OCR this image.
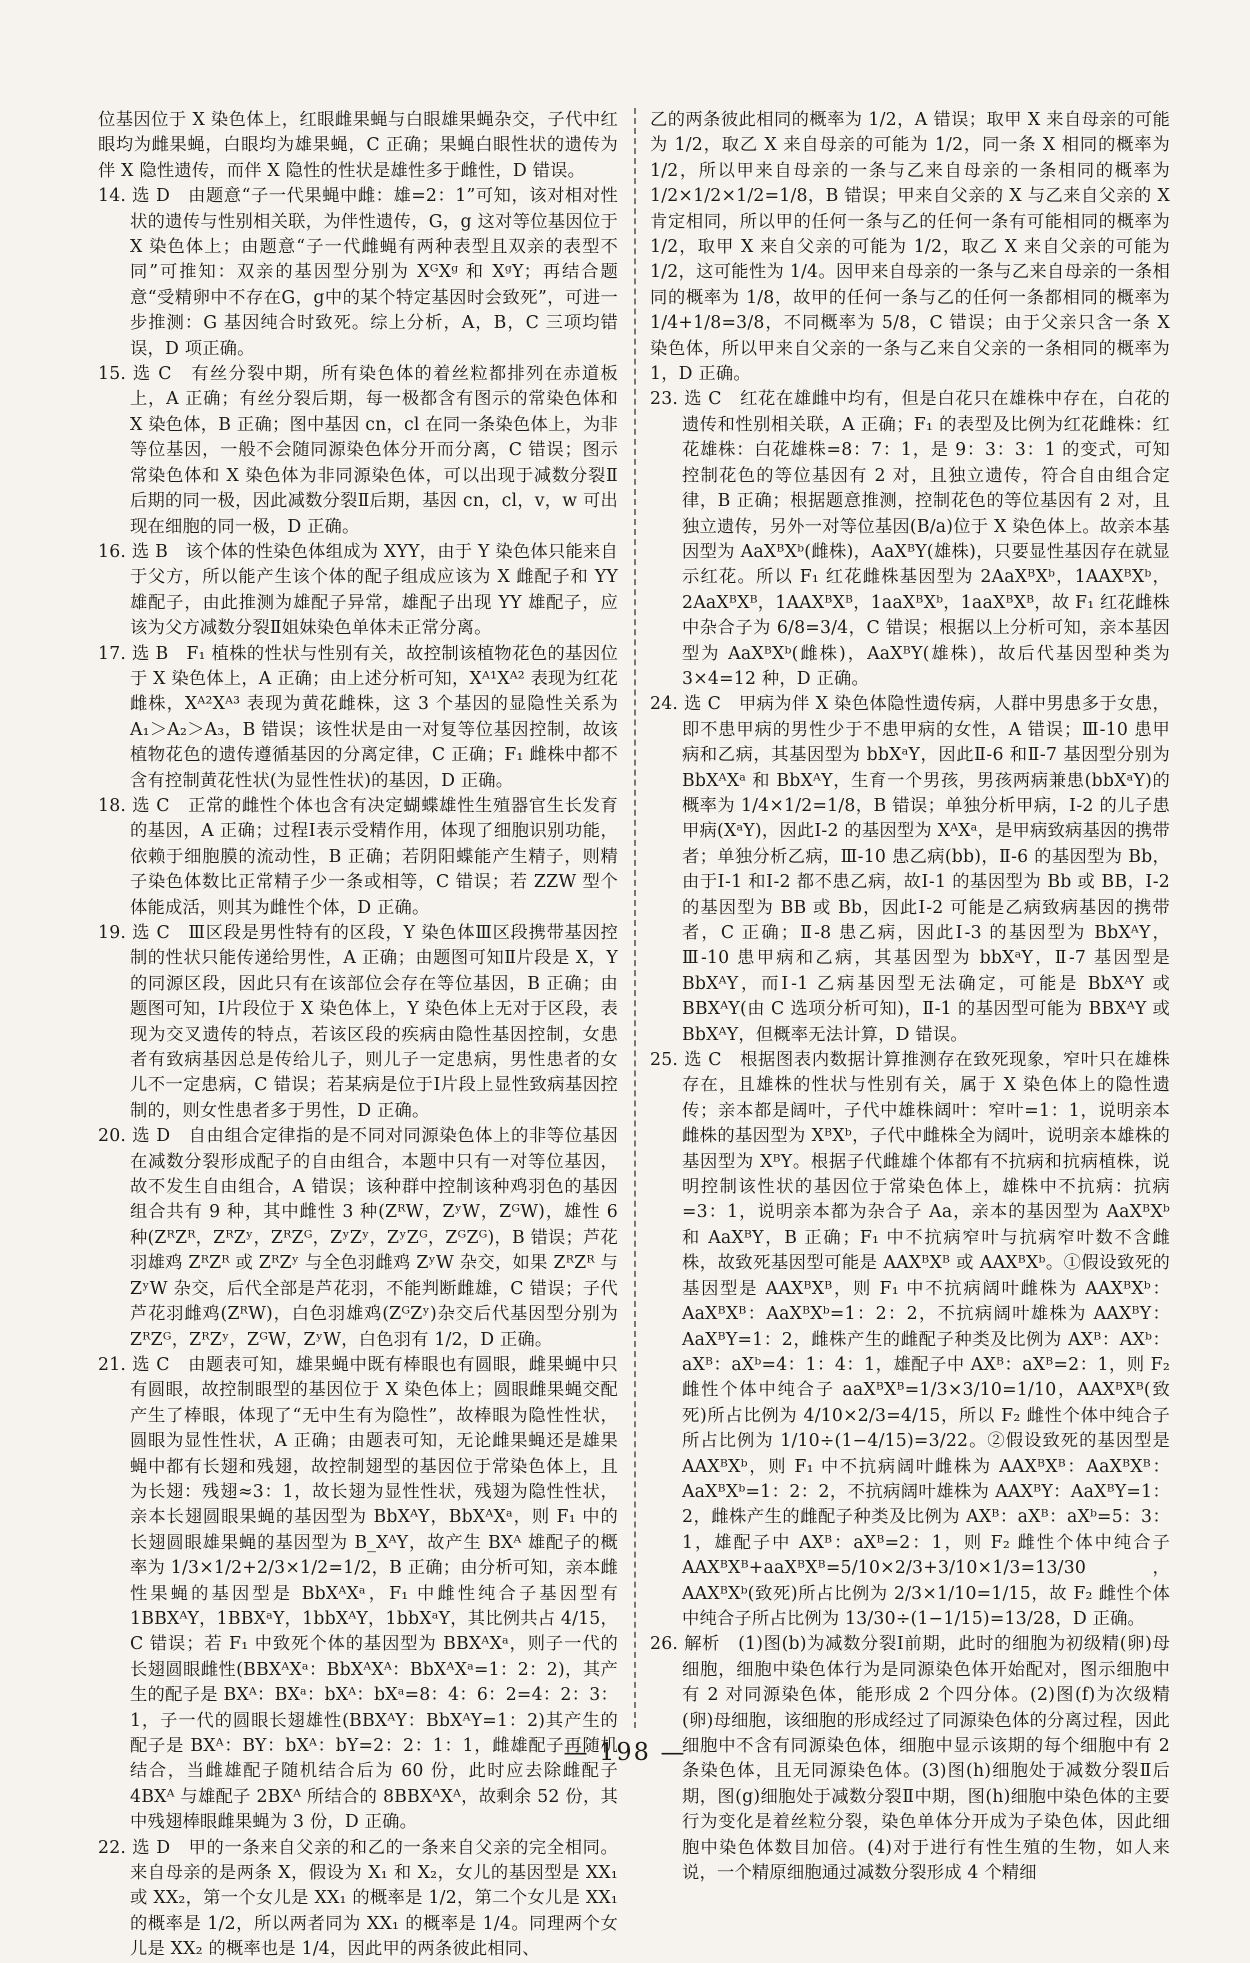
位基因位于 X 染色体上，红眼雌果蝇与白眼雄果蝇杂交，子代中红眼均为雌果蝇，白眼均为雄果蝇，C 正确；果蝇白眼性状的遗传为伴 X 隐性遗传，而伴 X 隐性的性状是雄性多于雌性，D 错误。

14. 选 D　由题意“子一代果蝇中雌：雄=2：1”可知，该对相对性状的遗传与性别相关联，为伴性遗传，G，g 这对等位基因位于 X 染色体上；由题意“子一代雌蝇有两种表型且双亲的表型不同”可推知：双亲的基因型分别为 XᴳXᵍ 和 XᵍY；再结合题意“受精卵中不存在G，g中的某个特定基因时会致死”，可进一步推测：G 基因纯合时致死。综上分析，A，B，C 三项均错误，D 项正确。

15. 选 C　有丝分裂中期，所有染色体的着丝粒都排列在赤道板上，A 正确；有丝分裂后期，每一极都含有图示的常染色体和 X 染色体，B 正确；图中基因 cn，cl 在同一条染色体上，为非等位基因，一般不会随同源染色体分开而分离，C 错误；图示常染色体和 X 染色体为非同源染色体，可以出现于减数分裂Ⅱ后期的同一极，因此减数分裂Ⅱ后期，基因 cn，cl，v，w 可出现在细胞的同一极，D 正确。

16. 选 B　该个体的性染色体组成为 XYY，由于 Y 染色体只能来自于父方，所以能产生该个体的配子组成应该为 X 雌配子和 YY 雄配子，由此推测为雄配子异常，雄配子出现 YY 雄配子，应该为父方减数分裂Ⅱ姐妹染色单体未正常分离。

17. 选 B　F₁ 植株的性状与性别有关，故控制该植物花色的基因位于 X 染色体上，A 正确；由上述分析可知，Xᴬ¹Xᴬ² 表现为红花雌株，Xᴬ²Xᴬ³ 表现为黄花雌株，这 3 个基因的显隐性关系为 A₁＞A₂＞A₃，B 错误；该性状是由一对复等位基因控制，故该植物花色的遗传遵循基因的分离定律，C 正确；F₁ 雌株中都不含有控制黄花性状(为显性性状)的基因，D 正确。

18. 选 C　正常的雌性个体也含有决定蝴蝶雄性生殖器官生长发育的基因，A 正确；过程Ⅰ表示受精作用，体现了细胞识别功能，依赖于细胞膜的流动性，B 正确；若阴阳蝶能产生精子，则精子染色体数比正常精子少一条或相等，C 错误；若 ZZW 型个体能成活，则其为雌性个体，D 正确。

19. 选 C　Ⅲ区段是男性特有的区段，Y 染色体Ⅲ区段携带基因控制的性状只能传递给男性，A 正确；由题图可知Ⅱ片段是 X，Y 的同源区段，因此只有在该部位会存在等位基因，B 正确；由题图可知，Ⅰ片段位于 X 染色体上，Y 染色体上无对于区段，表现为交叉遗传的特点，若该区段的疾病由隐性基因控制，女患者有致病基因总是传给儿子，则儿子一定患病，男性患者的女儿不一定患病，C 错误；若某病是位于Ⅰ片段上显性致病基因控制的，则女性患者多于男性，D 正确。

20. 选 D　自由组合定律指的是不同对同源染色体上的非等位基因在减数分裂形成配子的自由组合，本题中只有一对等位基因，故不发生自由组合，A 错误；该种群中控制该种鸡羽色的基因组合共有 9 种，其中雌性 3 种(ZᴿW，ZʸW，ZᴳW)，雄性 6 种(ZᴿZᴿ，ZᴿZʸ，ZᴿZᴳ，ZʸZʸ，ZʸZᴳ，ZᴳZᴳ)，B 错误；芦花羽雄鸡 ZᴿZᴿ 或 ZᴿZʸ 与全色羽雌鸡 ZʸW 杂交，如果 ZᴿZᴿ 与 ZʸW 杂交，后代全部是芦花羽，不能判断雌雄，C 错误；子代芦花羽雌鸡(ZᴿW)，白色羽雄鸡(ZᴳZʸ)杂交后代基因型分别为 ZᴿZᴳ，ZᴿZʸ，ZᴳW，ZʸW，白色羽有 1/2，D 正确。

21. 选 C　由题表可知，雄果蝇中既有棒眼也有圆眼，雌果蝇中只有圆眼，故控制眼型的基因位于 X 染色体上；圆眼雌果蝇交配产生了棒眼，体现了“无中生有为隐性”，故棒眼为隐性性状，圆眼为显性性状，A 正确；由题表可知，无论雌果蝇还是雄果蝇中都有长翅和残翅，故控制翅型的基因位于常染色体上，且为长翅：残翅≈3：1，故长翅为显性性状，残翅为隐性性状，亲本长翅圆眼果蝇的基因型为 BbXᴬY，BbXᴬXᵃ，则 F₁ 中的长翅圆眼雄果蝇的基因型为 B_XᴬY，故产生 BXᴬ 雄配子的概率为 1/3×1/2+2/3×1/2=1/2，B 正确；由分析可知，亲本雌性果蝇的基因型是 BbXᴬXᵃ，F₁ 中雌性纯合子基因型有 1BBXᴬY，1BBXᵃY，1bbXᴬY，1bbXᵃY，其比例共占 4/15，C 错误；若 F₁ 中致死个体的基因型为 BBXᴬXᵃ，则子一代的长翅圆眼雌性(BBXᴬXᵃ：BbXᴬXᴬ：BbXᴬXᵃ=1：2：2)，其产生的配子是 BXᴬ：BXᵃ：bXᴬ：bXᵃ=8：4：6：2=4：2：3：1，子一代的圆眼长翅雄性(BBXᴬY：BbXᴬY=1：2)其产生的配子是 BXᴬ：BY：bXᴬ：bY=2：2：1：1，雌雄配子再随机结合，当雌雄配子随机结合后为 60 份，此时应去除雌配子 4BXᴬ 与雄配子 2BXᴬ 所结合的 8BBXᴬXᴬ，故剩余 52 份，其中残翅棒眼雌果蝇为 3 份，D 正确。

22. 选 D　甲的一条来自父亲的和乙的一条来自父亲的完全相同。来自母亲的是两条 X，假设为 X₁ 和 X₂，女儿的基因型是 XX₁ 或 XX₂，第一个女儿是 XX₁ 的概率是 1/2，第二个女儿是 XX₁ 的概率是 1/2，所以两者同为 XX₁ 的概率是 1/4。同理两个女儿是 XX₂ 的概率也是 1/4，因此甲的两条彼此相同、

乙的两条彼此相同的概率为 1/2，A 错误；取甲 X 来自母亲的可能为 1/2，取乙 X 来自母亲的可能为 1/2，同一条 X 相同的概率为 1/2，所以甲来自母亲的一条与乙来自母亲的一条相同的概率为 1/2×1/2×1/2=1/8，B 错误；甲来自父亲的 X 与乙来自父亲的 X 肯定相同，所以甲的任何一条与乙的任何一条有可能相同的概率为 1/2，取甲 X 来自父亲的可能为 1/2，取乙 X 来自父亲的可能为 1/2，这可能性为 1/4。因甲来自母亲的一条与乙来自母亲的一条相同的概率为 1/8，故甲的任何一条与乙的任何一条都相同的概率为 1/4+1/8=3/8，不同概率为 5/8，C 错误；由于父亲只含一条 X 染色体，所以甲来自父亲的一条与乙来自父亲的一条相同的概率为 1，D 正确。

23. 选 C　红花在雄雌中均有，但是白花只在雄株中存在，白花的遗传和性别相关联，A 正确；F₁ 的表型及比例为红花雌株：红花雄株：白花雄株=8：7：1，是 9：3：3：1 的变式，可知控制花色的等位基因有 2 对，且独立遗传，符合自由组合定律，B 正确；根据题意推测，控制花色的等位基因有 2 对，且独立遗传，另外一对等位基因(B/a)位于 X 染色体上。故亲本基因型为 AaXᴮXᵇ(雌株)，AaXᴮY(雄株)，只要显性基因存在就显示红花。所以 F₁ 红花雌株基因型为 2AaXᴮXᵇ，1AAXᴮXᵇ，2AaXᴮXᴮ，1AAXᴮXᴮ，1aaXᴮXᵇ，1aaXᴮXᴮ，故 F₁ 红花雌株中杂合子为 6/8=3/4，C 错误；根据以上分析可知，亲本基因型为 AaXᴮXᵇ(雌株)，AaXᴮY(雄株)，故后代基因型种类为 3×4=12 种，D 正确。

24. 选 C　甲病为伴 X 染色体隐性遗传病，人群中男患多于女患，即不患甲病的男性少于不患甲病的女性，A 错误；Ⅲ-10 患甲病和乙病，其基因型为 bbXᵃY，因此Ⅱ-6 和Ⅱ-7 基因型分别为 BbXᴬXᵃ 和 BbXᴬY，生育一个男孩，男孩两病兼患(bbXᵃY)的概率为 1/4×1/2=1/8，B 错误；单独分析甲病，Ⅰ-2 的儿子患甲病(XᵃY)，因此Ⅰ-2 的基因型为 XᴬXᵃ，是甲病致病基因的携带者；单独分析乙病，Ⅲ-10 患乙病(bb)，Ⅱ-6 的基因型为 Bb，由于Ⅰ-1 和Ⅰ-2 都不患乙病，故Ⅰ-1 的基因型为 Bb 或 BB，Ⅰ-2 的基因型为 BB 或 Bb，因此Ⅰ-2 可能是乙病致病基因的携带者，C 正确；Ⅱ-8 患乙病，因此Ⅰ-3 的基因型为 BbXᴬY，Ⅲ-10 患甲病和乙病，其基因型为 bbXᵃY，Ⅱ-7 基因型是 BbXᴬY，而Ⅰ-1 乙病基因型无法确定，可能是 BbXᴬY 或 BBXᴬY(由 C 选项分析可知)，Ⅱ-1 的基因型可能为 BBXᴬY 或 BbXᴬY，但概率无法计算，D 错误。

25. 选 C　根据图表内数据计算推测存在致死现象，窄叶只在雄株存在，且雄株的性状与性别有关，属于 X 染色体上的隐性遗传；亲本都是阔叶，子代中雄株阔叶：窄叶=1：1，说明亲本雌株的基因型为 XᴮXᵇ，子代中雌株全为阔叶，说明亲本雄株的基因型为 XᴮY。根据子代雌雄个体都有不抗病和抗病植株，说明控制该性状的基因位于常染色体上，雄株中不抗病：抗病=3：1，说明亲本都为杂合子 Aa，亲本的基因型为 AaXᴮXᵇ 和 AaXᴮY，B 正确；F₁ 中不抗病窄叶与抗病窄叶数不含雌株，故致死基因型可能是 AAXᴮXᴮ 或 AAXᴮXᵇ。①假设致死的基因型是 AAXᴮXᴮ，则 F₁ 中不抗病阔叶雌株为 AAXᴮXᵇ：AaXᴮXᴮ：AaXᴮXᵇ=1：2：2，不抗病阔叶雄株为 AAXᴮY：AaXᴮY=1：2，雌株产生的雌配子种类及比例为 AXᴮ：AXᵇ：aXᴮ：aXᵇ=4：1：4：1，雄配子中 AXᴮ：aXᴮ=2：1，则 F₂ 雌性个体中纯合子 aaXᴮXᴮ=1/3×3/10=1/10，AAXᴮXᴮ(致死)所占比例为 4/10×2/3=4/15，所以 F₂ 雌性个体中纯合子所占比例为 1/10÷(1−4/15)=3/22。②假设致死的基因型是 AAXᴮXᵇ，则 F₁ 中不抗病阔叶雌株为 AAXᴮXᴮ：AaXᴮXᴮ：AaXᴮXᵇ=1：2：2，不抗病阔叶雄株为 AAXᴮY：AaXᴮY=1：2，雌株产生的雌配子种类及比例为 AXᴮ：aXᴮ：aXᵇ=5：3：1，雄配子中 AXᴮ：aXᴮ=2：1，则 F₂ 雌性个体中纯合子 AAXᴮXᴮ+aaXᴮXᴮ=5/10×2/3+3/10×1/3=13/30，AAXᴮXᵇ(致死)所占比例为 2/3×1/10=1/15，故 F₂ 雌性个体中纯合子所占比例为 13/30÷(1−1/15)=13/28，D 正确。

26. 解析　(1)图(b)为减数分裂Ⅰ前期，此时的细胞为初级精(卵)母细胞，细胞中染色体行为是同源染色体开始配对，图示细胞中有 2 对同源染色体，能形成 2 个四分体。(2)图(f)为次级精(卵)母细胞，该细胞的形成经过了同源染色体的分离过程，因此细胞中不含有同源染色体，细胞中显示该期的每个细胞中有 2 条染色体，且无同源染色体。(3)图(h)细胞处于减数分裂Ⅱ后期，图(g)细胞处于减数分裂Ⅱ中期，图(h)细胞中染色体的主要行为变化是着丝粒分裂，染色单体分开成为子染色体，因此细胞中染色体数目加倍。(4)对于进行有性生殖的生物，如人来说，一个精原细胞通过减数分裂形成 4 个精细

— 198 —
